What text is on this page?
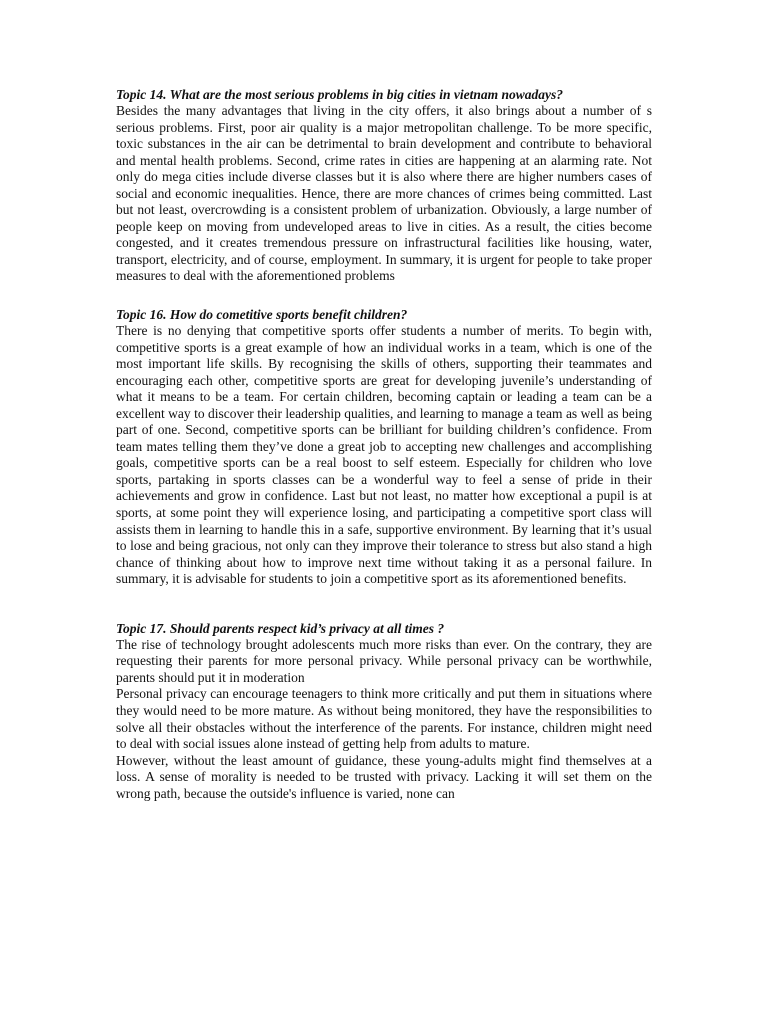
Topic 14. What are the most serious problems in big cities in vietnam nowadays?

Besides the many advantages that living in the city offers, it also brings about a number of s serious problems. First, poor air quality is a major metropolitan challenge. To be more specific, toxic substances in the air can be detrimental to brain development and contribute to behavioral and mental health problems. Second, crime rates in cities are happening at an alarming rate. Not only do mega cities include diverse classes but it is also where there are higher numbers cases of social and economic inequalities. Hence, there are more chances of crimes being committed. Last but not least, overcrowding is a consistent problem of urbanization. Obviously, a large number of people keep on moving from undeveloped areas to live in cities. As a result, the cities become congested, and it creates tremendous pressure on infrastructural facilities like housing, water, transport, electricity, and of course, employment. In summary, it is urgent for people to take proper measures to deal with the aforementioned problems

Topic 16. How do cometitive sports benefit children?

There is no denying that competitive sports offer students a number of merits. To begin with, competitive sports is a great example of how an individual works in a team, which is one of the most important life skills. By recognising the skills of others, supporting their teammates and encouraging each other, competitive sports are great for developing juvenile’s understanding of what it means to be a team. For certain children, becoming captain or leading a team can be a excellent way to discover their leadership qualities, and learning to manage a team as well as being part of one. Second, competitive sports can be brilliant for building children’s confidence. From team mates telling them they’ve done a great job to accepting new challenges and accomplishing goals, competitive sports can be a real boost to self esteem. Especially for children who love sports, partaking in sports classes can be a wonderful way to feel a sense of pride in their achievements and grow in confidence. Last but not least, no matter how exceptional a pupil is at sports, at some point they will experience losing, and participating a competitive sport class will assists them in learning to handle this in a safe, supportive environment. By learning that it’s usual to lose and being gracious, not only can they improve their tolerance to stress but also stand a high chance of thinking about how to improve next time without taking it as a personal failure. In summary, it is advisable for students to join a competitive sport as its aforementioned benefits.

Topic 17. Should parents respect kid’s privacy at all times ?

The rise of technology brought adolescents much more risks than ever. On the contrary, they are requesting their parents for more personal privacy. While personal privacy can be worthwhile, parents should put it in moderation

Personal privacy can encourage teenagers to think more critically and put them in situations where they would need to be more mature. As without being monitored, they have the responsibilities to solve all their obstacles without the interference of the parents. For instance, children might need to deal with social issues alone instead of getting help from adults to mature.

However, without the least amount of guidance, these young-adults might find themselves at a loss. A sense of morality is needed to be trusted with privacy. Lacking it will set them on the wrong path, because the outside's influence is varied, none can
